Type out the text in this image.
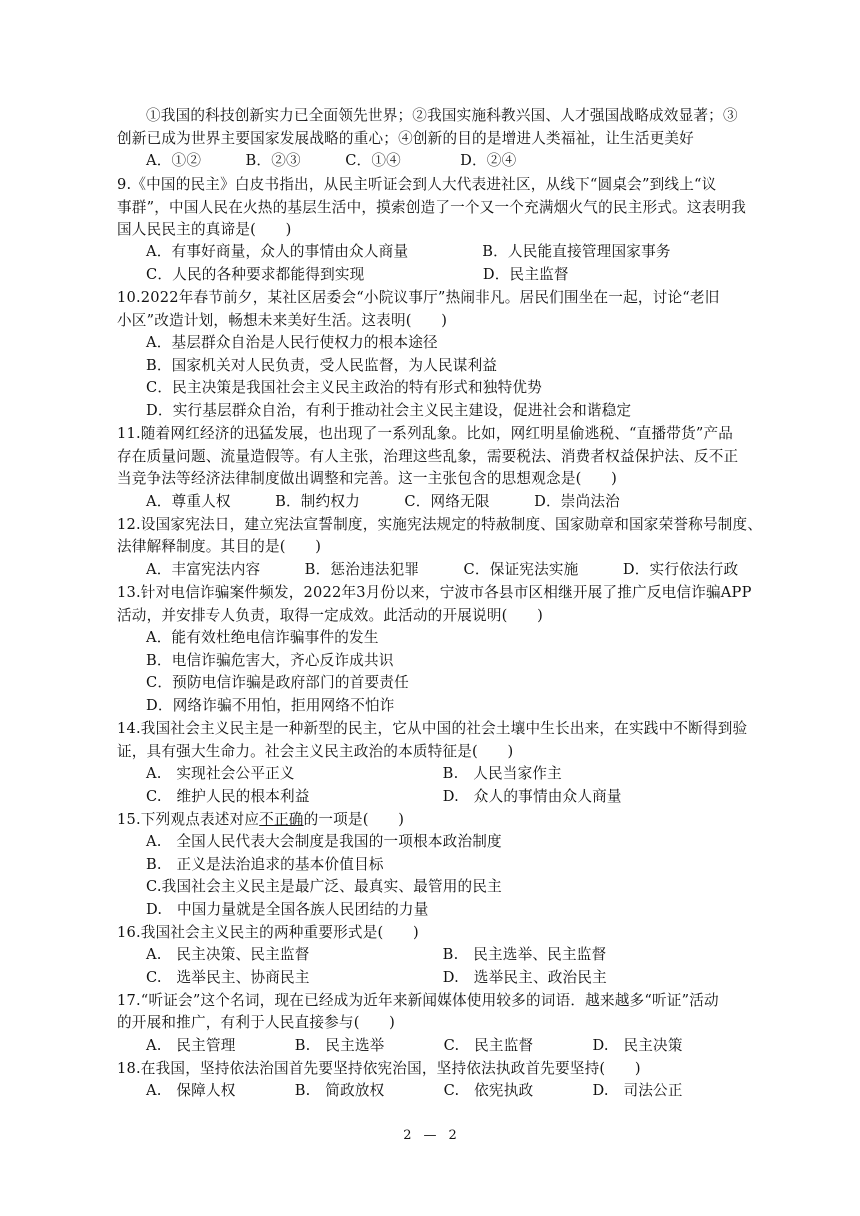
①我国的科技创新实力已全面领先世界；②我国实施科教兴国、人才强国战略成效显著；③
创新已成为世界主要国家发展战略的重心；④创新的目的是增进人类福祉，让生活更美好
A．①②　　　B．②③　　　C．①④　　　　D．②④
9.《中国的民主》白皮书指出，从民主听证会到人大代表进社区，从线下“圆桌会”到线上“议
事群”，中国人民在火热的基层生活中，摸索创造了一个又一个充满烟火气的民主形式。这表明我
国人民民主的真谛是(　　)
A．有事好商量，众人的事情由众人商量　　　　　B．人民能直接管理国家事务
C．人民的各种要求都能得到实现　　　　　　　　D．民主监督
10.2022年春节前夕，某社区居委会“小院议事厅”热闹非凡。居民们围坐在一起，讨论“老旧
小区”改造计划，畅想未来美好生活。这表明(　　)
A．基层群众自治是人民行使权力的根本途径
B．国家机关对人民负责，受人民监督，为人民谋利益
C．民主决策是我国社会主义民主政治的特有形式和独特优势
D．实行基层群众自治，有利于推动社会主义民主建设，促进社会和谐稳定
11.随着网红经济的迅猛发展，也出现了一系列乱象。比如，网红明星偷逃税、“直播带货”产品
存在质量问题、流量造假等。有人主张，治理这些乱象，需要税法、消费者权益保护法、反不正
当竞争法等经济法律制度做出调整和完善。这一主张包含的思想观念是(　　)
A．尊重人权　　　B．制约权力　　　C．网络无限　　　D．崇尚法治
12.设国家宪法日，建立宪法宣誓制度，实施宪法规定的特赦制度、国家勋章和国家荣誉称号制度、
法律解释制度。其目的是(　　)
A．丰富宪法内容　　　B．惩治违法犯罪　　　C．保证宪法实施　　　D．实行依法行政
13.针对电信诈骗案件频发，2022年3月份以来，宁波市各县市区相继开展了推广反电信诈骗APP
活动，并安排专人负责，取得一定成效。此活动的开展说明(　　)
A．能有效杜绝电信诈骗事件的发生
B．电信诈骗危害大，齐心反诈成共识
C．预防电信诈骗是政府部门的首要责任
D．网络诈骗不用怕，拒用网络不怕诈
14.我国社会主义民主是一种新型的民主，它从中国的社会土壤中生长出来，在实践中不断得到验
证，具有强大生命力。社会主义民主政治的本质特征是(　　)
A.　实现社会公平正义　　　　　　　　　　B.　人民当家作主
C.　维护人民的根本利益　　　　　　　　　D.　众人的事情由众人商量
15.下列观点表述对应不正确的一项是(　　)
A.　全国人民代表大会制度是我国的一项根本政治制度
B.　正义是法治追求的基本价值目标
C.我国社会主义民主是最广泛、最真实、最管用的民主
D.　中国力量就是全国各族人民团结的力量
16.我国社会主义民主的两种重要形式是(　　)
A.　民主决策、民主监督　　　　　　　　　B.　民主选举、民主监督
C.　选举民主、协商民主　　　　　　　　　D.　选举民主、政治民主
17.“听证会”这个名词，现在已经成为近年来新闻媒体使用较多的词语．越来越多“听证”活动
的开展和推广，有利于人民直接参与(　　)
A.　民主管理　　　　B.　民主选举　　　　C.　民主监督　　　　D.　民主决策
18.在我国，坚持依法治国首先要坚持依宪治国，坚持依法执政首先要坚持(　　)
A.　保障人权　　　　B.　简政放权　　　　C.　依宪执政　　　　D.　司法公正
2 — 2
